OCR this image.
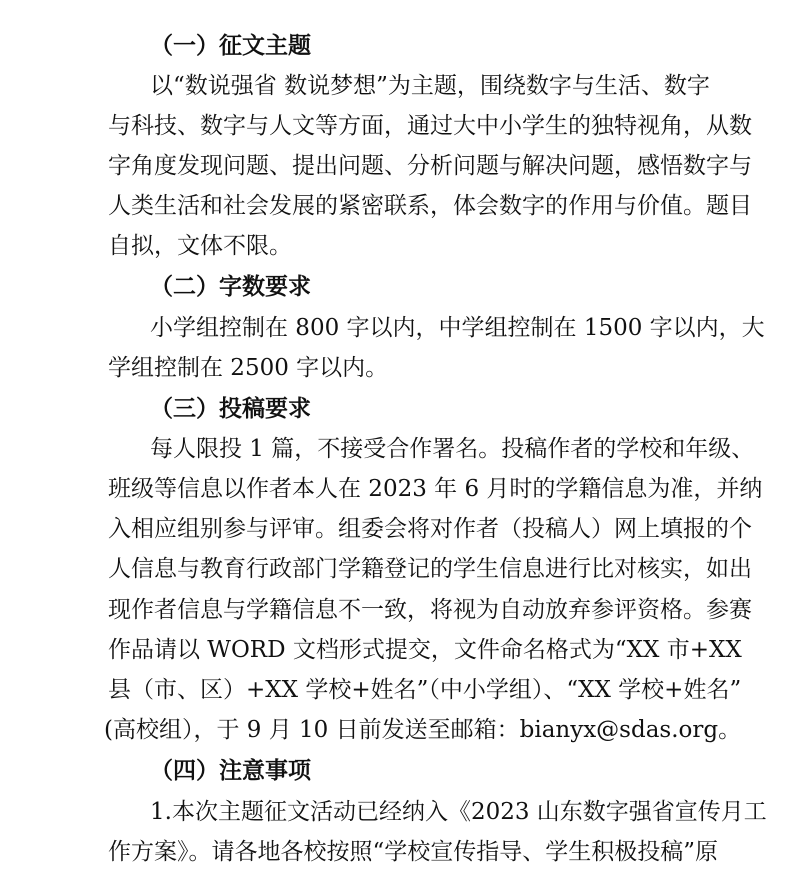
（一）征文主题
以“数说强省 数说梦想”为主题，围绕数字与生活、数字
与科技、数字与人文等方面，通过大中小学生的独特视角，从数
字角度发现问题、提出问题、分析问题与解决问题，感悟数字与
人类生活和社会发展的紧密联系，体会数字的作用与价值。题目
自拟，文体不限。
（二）字数要求
小学组控制在 800 字以内，中学组控制在 1500 字以内，大
学组控制在 2500 字以内。
（三）投稿要求
每人限投 1 篇，不接受合作署名。投稿作者的学校和年级、
班级等信息以作者本人在 2023 年 6 月时的学籍信息为准，并纳
入相应组别参与评审。组委会将对作者（投稿人）网上填报的个
人信息与教育行政部门学籍登记的学生信息进行比对核实，如出
现作者信息与学籍信息不一致，将视为自动放弃参评资格。参赛
作品请以 WORD 文档形式提交，文件命名格式为“XX 市+XX
县（市、区）+XX 学校+姓名”（中小学组）、“XX 学校+姓名”
(高校组），于 9 月 10 日前发送至邮箱：bianyx@sdas.org。
（四）注意事项
1.本次主题征文活动已经纳入《2023 山东数字强省宣传月工
作方案》。请各地各校按照“学校宣传指导、学生积极投稿”原
